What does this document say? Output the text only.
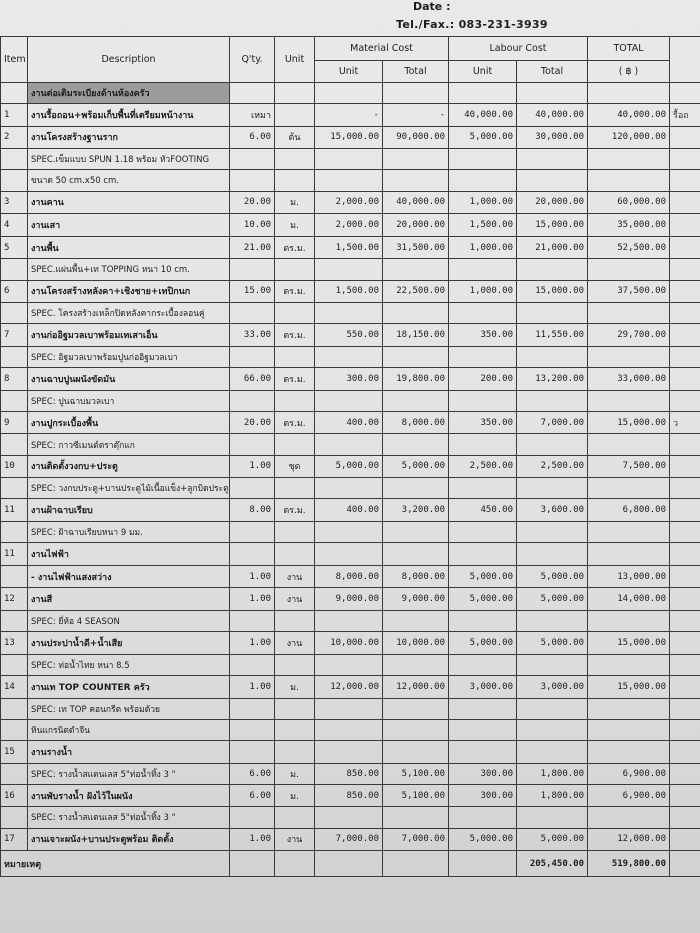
Date :
Tel./Fax.: 083-231-3939
Item	Description	Q'ty.	Unit	Material Cost		Labour Cost		TOTAL	
				Unit	Total	Unit	Total	( ฿ )	
	งานต่อเติมระเบียงด้านห้องครัว								
1	งานรื้อถอน+พร้อมเก็บพื้นที่เตรียมหน้างาน	เหมา		-	-	40,000.00	40,000.00	40,000.00	รื้อถ
2	งานโครงสร้างฐานราก	6.00	ต้น	15,000.00	90,000.00	5,000.00	30,000.00	120,000.00	
	SPEC.เข็มแบบ SPUN 1.18 พร้อม หัวFOOTING								
	ขนาด 50 cm.x50 cm.								
3	งานคาน	20.00	ม.	2,000.00	40,000.00	1,000.00	20,000.00	60,000.00	
4	งานเสา	10.00	ม.	2,000.00	20,000.00	1,500.00	15,000.00	35,000.00	
5	งานพื้น	21.00	ตร.ม.	1,500.00	31,500.00	1,000.00	21,000.00	52,500.00	
	SPEC.แผ่นพื้น+เท TOPPING หนา 10 cm.								
6	งานโครงสร้างหลังคา+เชิงชาย+เทปิกนก	15.00	ตร.ม.	1,500.00	22,500.00	1,000.00	15,000.00	37,500.00	
	SPEC. โครงสร้างเหล็กปิดหลังคากระเบื้องลอนคู่								
7	งานก่ออิฐมวลเบาพร้อมเทเสาเอ็น	33.00	ตร.ม.	550.00	18,150.00	350.00	11,550.00	29,700.00	
	SPEC: อิฐมวลเบาพร้อมปูนก่ออิฐมวลเบา								
8	งานฉาบปูนผนังขัดมัน	66.00	ตร.ม.	300.00	19,800.00	200.00	13,200.00	33,000.00	
	SPEC: ปูนฉาบมวลเบา								
9	งานปูกระเบื้องพื้น	20.00	ตร.ม.	400.00	8,000.00	350.00	7,000.00	15,000.00	ว
	SPEC: กาวซีเมนต์ตราตุ๊กแก								
10	งานติดตั้งวงกบ+ประตู	1.00	ชุด	5,000.00	5,000.00	2,500.00	2,500.00	7,500.00	
	SPEC: วงกบประตู+บานประตูไม้เนื้อแข็ง+ลูกบิดประตู								
11	งานฝ้าฉาบเรียบ	8.00	ตร.ม.	400.00	3,200.00	450.00	3,600.00	6,800.00	
	SPEC: ฝ้าฉาบเรียบหนา 9 มม.								
11	งานไฟฟ้า								
	- งานไฟฟ้าแสงสว่าง	1.00	งาน	8,000.00	8,000.00	5,000.00	5,000.00	13,000.00	
12	งานสี	1.00	งาน	9,000.00	9,000.00	5,000.00	5,000.00	14,000.00	
	SPEC: ยี่ห้อ 4 SEASON								
13	งานประปาน้ำดี+น้ำเสีย	1.00	งาน	10,000.00	10,000.00	5,000.00	5,000.00	15,000.00	
	SPEC: ท่อน้ำไทย หนา 8.5								
14	งานเท TOP COUNTER ครัว	1.00	ม.	12,000.00	12,000.00	3,000.00	3,000.00	15,000.00	
	SPEC: เท TOP คอนกรีต พร้อมด้วย								
	หินแกรนิตดำจีน								
15	งานรางน้ำ								
	SPEC: รางน้ำสแตนเลส 5"ท่อน้ำทิ้ง 3 "	6.00	ม.	850.00	5,100.00	300.00	1,800.00	6,900.00	
16	งานพับรางน้ำ ฝังไว้ในผนัง	6.00	ม.	850.00	5,100.00	300.00	1,800.00	6,900.00	
	SPEC: รางน้ำสแตนเลส 5"ท่อน้ำทิ้ง 3 "								
17	งานเจาะผนัง+บานประตูพร้อม ติดตั้ง	1.00	งาน	7,000.00	7,000.00	5,000.00	5,000.00	12,000.00	
หมายเหตุ							205,450.00	519,800.00	
